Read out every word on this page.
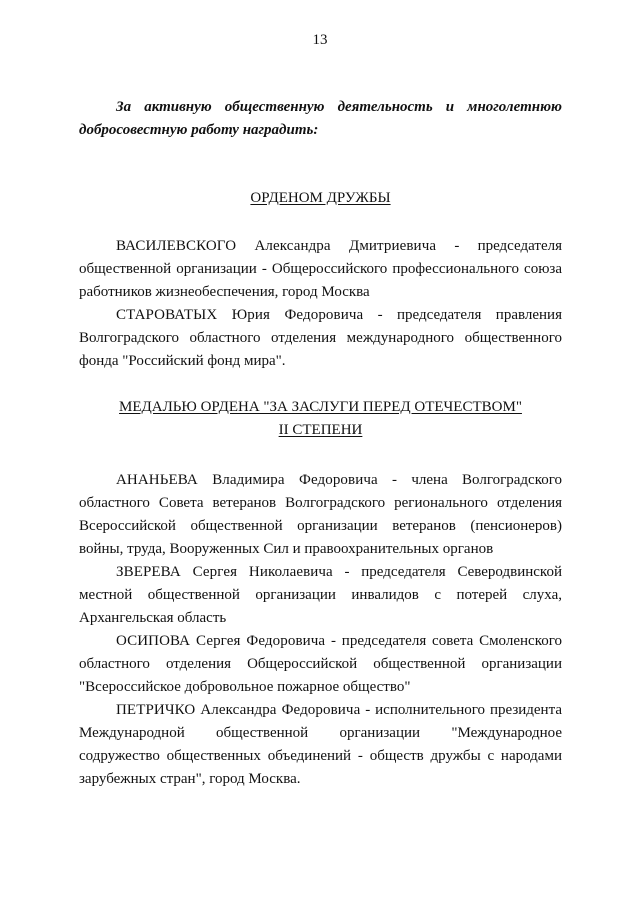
13

За активную общественную деятельность и многолетнюю добросовестную работу наградить:

ОРДЕНОМ ДРУЖБЫ

ВАСИЛЕВСКОГО Александра Дмитриевича - председателя общественной организации - Общероссийского профессионального союза работников жизнеобеспечения, город Москва

СТАРОВАТЫХ Юрия Федоровича - председателя правления Волгоградского областного отделения международного общественного фонда "Российский фонд мира".

МЕДАЛЬЮ ОРДЕНА "ЗА ЗАСЛУГИ ПЕРЕД ОТЕЧЕСТВОМ"
II СТЕПЕНИ

АНАНЬЕВА Владимира Федоровича - члена Волгоградского областного Совета ветеранов Волгоградского регионального отделения Всероссийской общественной организации ветеранов (пенсионеров) войны, труда, Вооруженных Сил и правоохранительных органов

ЗВЕРЕВА Сергея Николаевича - председателя Северодвинской местной общественной организации инвалидов с потерей слуха, Архангельская область

ОСИПОВА Сергея Федоровича - председателя совета Смоленского областного отделения Общероссийской общественной организации "Всероссийское добровольное пожарное общество"

ПЕТРИЧКО Александра Федоровича - исполнительного президента Международной общественной организации "Международное содружество общественных объединений - обществ дружбы с народами зарубежных стран", город Москва.
